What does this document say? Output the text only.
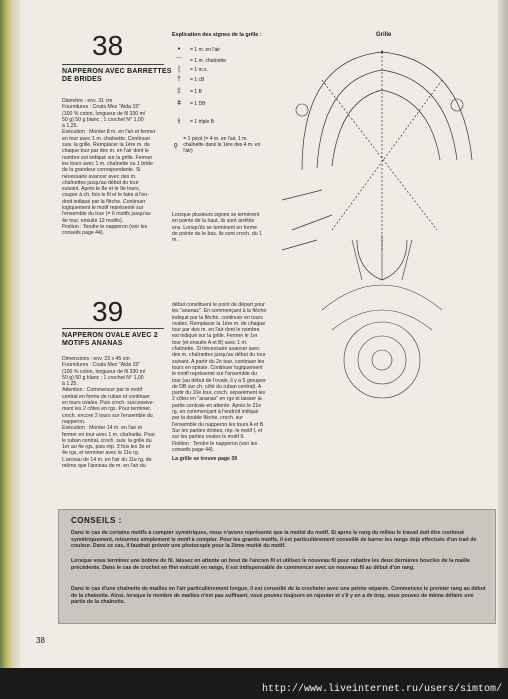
38
NAPPERON AVEC BARRETTES DE BRIDES
Diamètre : env. 31 cm
Fournitures : Coats Mez "Aida 15"
(100 % coton, longueur de fil 330 m/
50 g) 50 g blanc ; 1 crochet N° 1,00
à 1,25.
Exécution : Monter 8 m. en l'air et fermer
en tour avec 1 m. chaînette. Continuer
suiv. la grille. Remplacer la 1ère m. de
chaque tour par des m. en l'air dont le
nombre est indiqué sur la grille. Fermer
les tours avec 1 m. chaînette ou 1 bride
de la grandeur correspondante. Si
nécessaire avancer avec des m.
chaînettes jusqu'au début du tour
suivant. Après le 8e et le 9e tours,
couper à ch. fois le fil et le faire à l'en-
droit indiqué par la flèche. Continuer
logiquement le motif représenté sur
l'ensemble du tour (= 6 motifs jusqu'au
4e tour, ensuite 12 motifs).
Finition : Tendre le napperon (voir les
conseils page 44).
Explication des signes de la grille :
•	= 1 m. en l'air
⌒	= 1 m. chaînette
|	= 1 m.s.
†	= 1 cB
‡	= 1 B
ǂ	= 1 DB
⫲	= 1 triple B
ǫ
= 1 picot (= 4 m. en l'air, 1 m. chaînette dans la 1ère des 4 m. en l'air)
Lorsque plusieurs signes se terminent en pointe de la haut, ils sont arrêtés ens. Lorsqu'ils se terminent en forme de pointe de le bas, ils sont croch. du 1 m.
Grille
39
NAPPERON OVALE AVEC 2 MOTIFS ANANAS
Dimensions : env. 23 x 45 cm
Fournitures : Coats Mez "Aida 15"
(100 % coton, longueur de fil 330 m/
50 g) 50 g blanc ; 1 crochet N° 1,00
à 1,25.
Attention : Commencer par le motif
central en forme de ruban et continuer
en tours ovales. Puis croch. successive-
ment les 2 côtes en rgs. Pour terminer,
croch. encore 2 tours sur l'ensemble du
napperon.
Exécution : Monter 14 m. en l'air et
fermer en tour avec 1 m. chaînette. Pour
le ruban central, croch. suiv. la grille du
1er au 4e rgs, puis rép. 3 fois les 3e et
4e rgs, et terminer avec le 11e rg.
L'arceau de 14 m. en l'air du 11e rg, de
même que l'anneau de m. en l'air du
début constituent le point de départ pour
les "ananas". En commençant à la flèche
indiqué par la flèche, continuer en tours
ovales. Remplacer la 1ère m. de chaque
tour par des m. en l'air dont le nombre
est indiqué sur la grille. Fermer le 1er
tour (et ensuite A et B) avec 1 m.
chaînette. Si nécessaire avancer avec
des m. chaînettes jusqu'au début du tour
suivant. A partir du 2e tour, continuer les
tours en spirale. Continuer logiquement
le motif représenté sur l'ensemble du
tour (au début de l'ovale, il y a 5 groupes
de DB sur ch. côté du ruban central). A
partir du 10e tour, croch. séparément les
2 côtes en "ananas" en rgs et laisser la
partie centrale en attente. Après le 21e
rg, en commençant à l'endroit indiqué
par la double flèche, croch. sur
l'ensemble du napperon les tours A et B.
Sur les parties droites, rép. le motif I, et
sur les parties ovales le motif II.
Finition : Tendre le napperon (voir les
conseils page 44).
La grille se trouve page 39
CONSEILS :
Dans le cas de certains motifs à compter symétriques, nous n'avons représenté que la moitié du motif. Si après le rang du milieu le travail doit être continué symétriquement, retournez simplement le motif à compter. Pour les grands motifs, il est particulièrement conseillé de barrer les rangs déjà effectués d'un trait de couleur. Dans ce cas, il faudrait prévoir une photocopie pour la 2ème moitié du motif.
Lorsque vous terminez une bobine de fil, laissez en attente un bout de l'ancien fil et utilisez le nouveau fil pour rabattre les deux dernières boucles de la maille précédente. Dans le cas de crochet en filet exécuté en rangs, il est indispensable de commencer avec un nouveau fil au début d'un rang.
Dans le cas d'une chaînette de mailles en l'air particulièrement longue, il est conseillé de la crocheter avec une pelote séparée. Commencez le premier rang au début de la chaînette. Ainsi, lorsque le nombre de mailles n'est pas suffisant, vous pouvez toujours en rajouter et s'il y en a de trop, vous pouvez de même défaire une partie de la chaînette.
38
http://www.liveinternet.ru/users/simtom/
